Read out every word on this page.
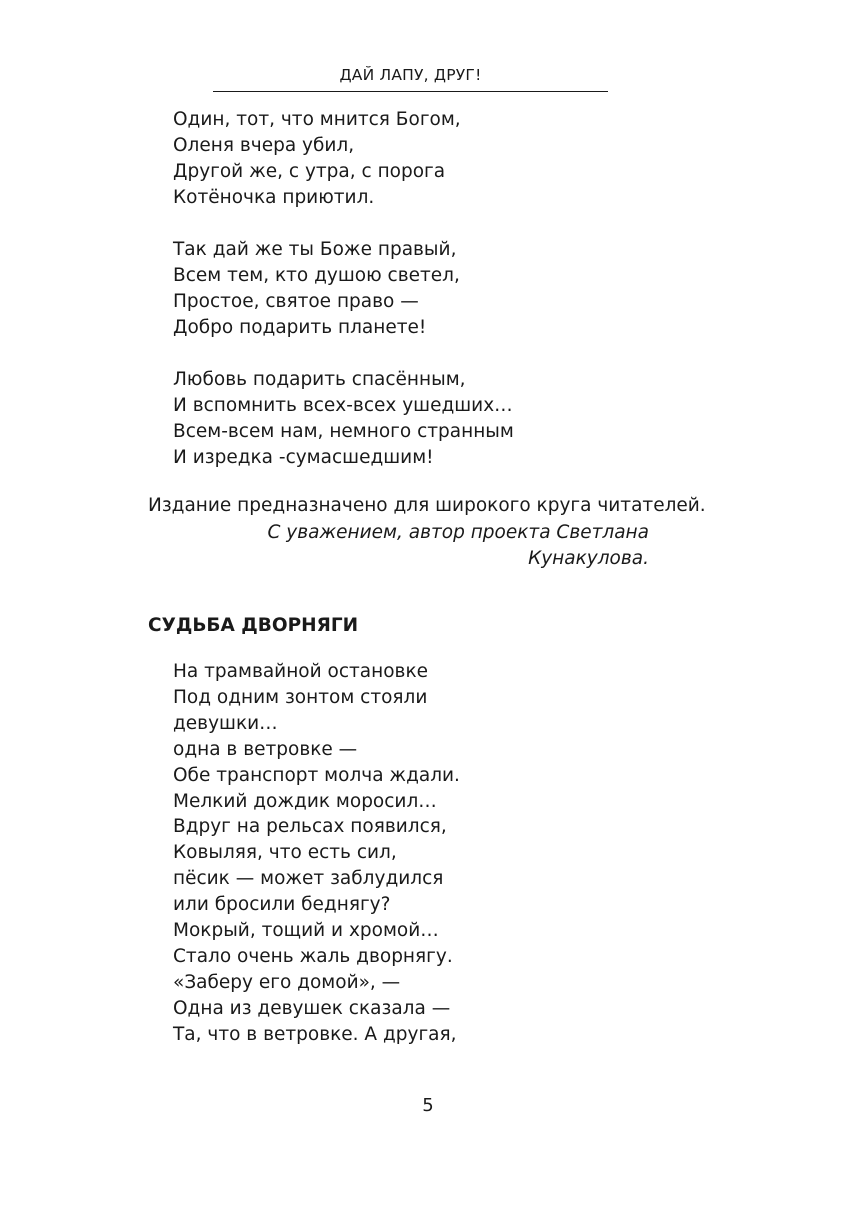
ДАЙ ЛАПУ, ДРУГ!
Один, тот, что мнится Богом,
Оленя вчера убил,
Другой же, с утра, с порога
Котёночка приютил.
Так дай же ты Боже правый,
Всем тем, кто душою светел,
Простое, святое право —
Добро подарить планете!
Любовь подарить спасённым,
И вспомнить всех-всех ушедших…
Всем-всем нам, немного странным
И изредка -сумасшедшим!
Издание предназначено для широкого круга читателей.
С уважением, автор проекта Светлана
Кунакулова.
СУДЬБА ДВОРНЯГИ
На трамвайной остановке
Под одним зонтом стояли
девушки…
одна в ветровке —
Обе транспорт молча ждали.
Мелкий дождик моросил…
Вдруг на рельсах появился,
Ковыляя, что есть сил,
пёсик — может заблудился
или бросили беднягу?
Мокрый, тощий и хромой…
Стало очень жаль дворнягу.
«Заберу его домой», —
Одна из девушек сказала —
Та, что в ветровке. А другая,
5
